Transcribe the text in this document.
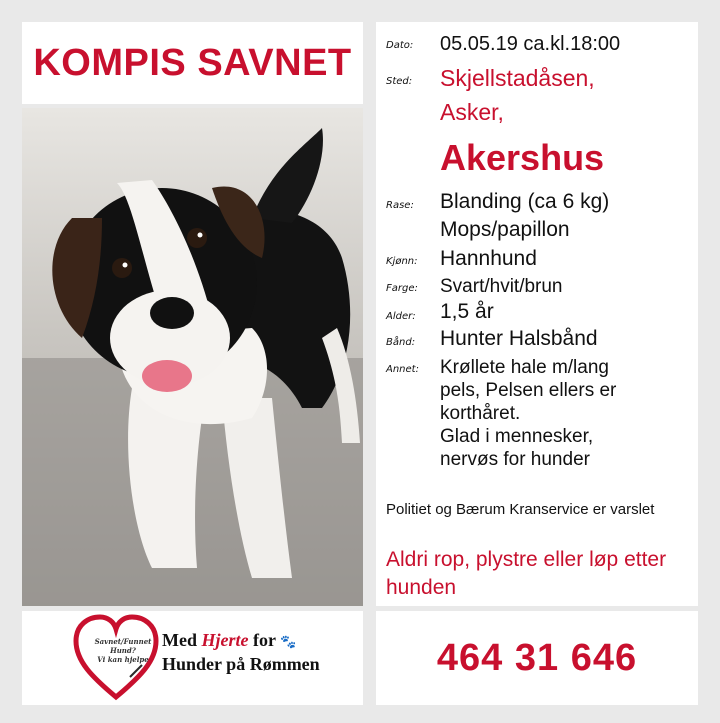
KOMPIS SAVNET	Dato: 05.05.19 ca.kl.18:00
Sted: Skjellstadåsen,
Asker,
Akershus
Rase: Blanding (ca 6 kg)
Mops/papillon
Kjønn: Hannhund
Farge: Svart/hvit/brun
Alder: 1,5 år
Bånd: Hunter Halsbånd
Annet: Krøllete hale m/lang
pels, Pelsen ellers er
korthåret.
Glad i mennesker,
nervøs for hunder
Politiet og Bærum Kranservice er varslet
Aldri rop, plystre eller løp etter hunden
Savnet/Funnet
Hund?
Vi kan hjelpe
Med Hjerte for 🐾
Hunder på Rømmen	464 31 646
